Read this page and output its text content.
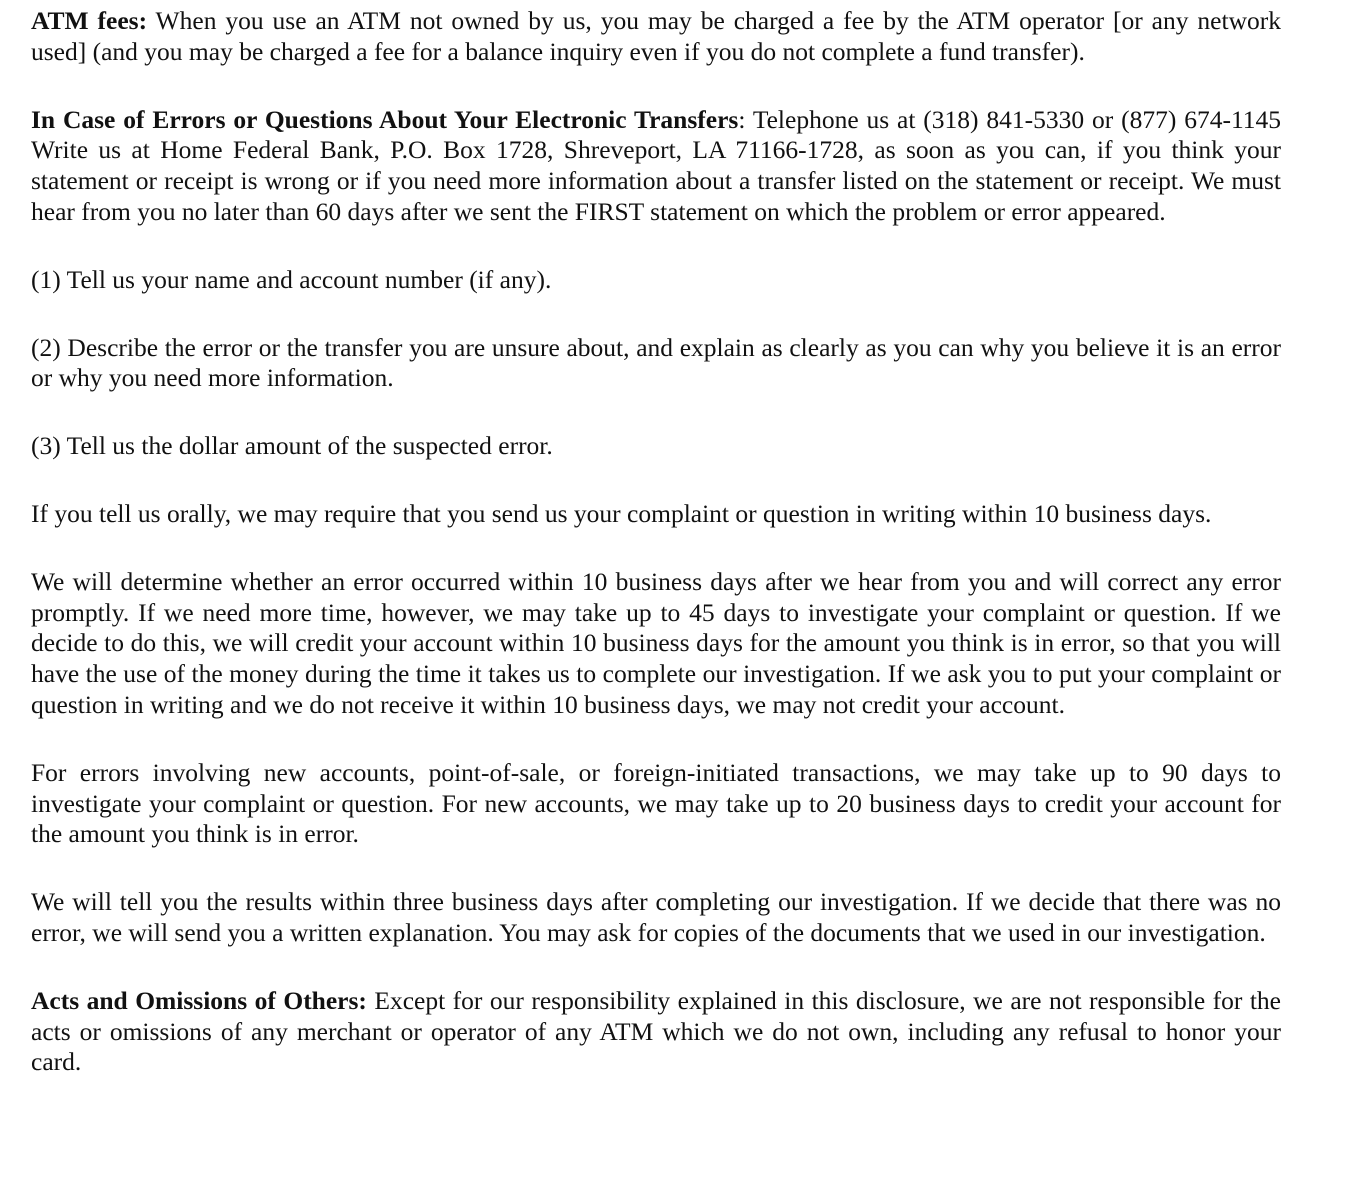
ATM fees: When you use an ATM not owned by us, you may be charged a fee by the ATM operator [or any network used] (and you may be charged a fee for a balance inquiry even if you do not complete a fund transfer).

In Case of Errors or Questions About Your Electronic Transfers: Telephone us at (318) 841-5330 or (877) 674-1145 Write us at Home Federal Bank, P.O. Box 1728, Shreveport, LA 71166-1728, as soon as you can, if you think your statement or receipt is wrong or if you need more information about a transfer listed on the statement or receipt. We must hear from you no later than 60 days after we sent the FIRST statement on which the problem or error appeared.

(1) Tell us your name and account number (if any).

(2) Describe the error or the transfer you are unsure about, and explain as clearly as you can why you believe it is an error or why you need more information.

(3) Tell us the dollar amount of the suspected error.

If you tell us orally, we may require that you send us your complaint or question in writing within 10 business days.

We will determine whether an error occurred within 10 business days after we hear from you and will correct any error promptly. If we need more time, however, we may take up to 45 days to investigate your complaint or question. If we decide to do this, we will credit your account within 10 business days for the amount you think is in error, so that you will have the use of the money during the time it takes us to complete our investigation. If we ask you to put your complaint or question in writing and we do not receive it within 10 business days, we may not credit your account.

For errors involving new accounts, point-of-sale, or foreign-initiated transactions, we may take up to 90 days to investigate your complaint or question. For new accounts, we may take up to 20 business days to credit your account for the amount you think is in error.

We will tell you the results within three business days after completing our investigation. If we decide that there was no error, we will send you a written explanation. You may ask for copies of the documents that we used in our investigation.

Acts and Omissions of Others: Except for our responsibility explained in this disclosure, we are not responsible for the acts or omissions of any merchant or operator of any ATM which we do not own, including any refusal to honor your card.
